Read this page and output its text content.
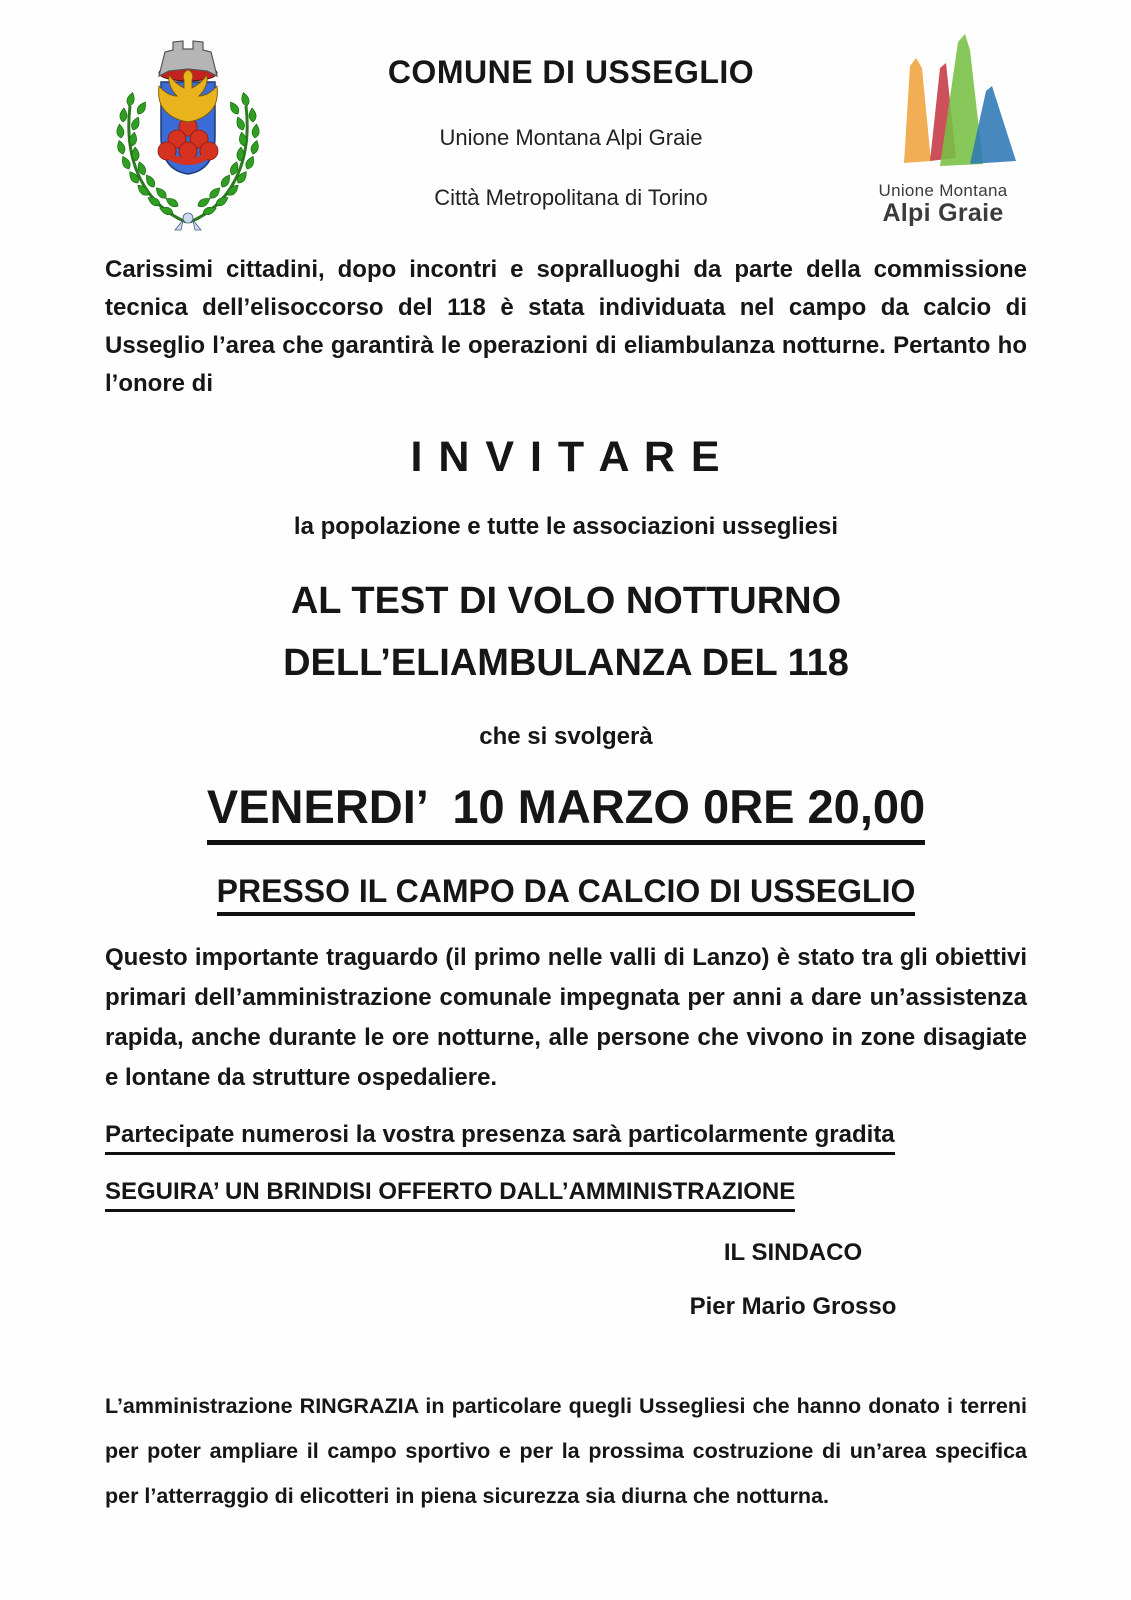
COMUNE DI USSEGLIO
Unione Montana Alpi Graie
Città Metropolitana di Torino	Unione Montana
Alpi Graie

Carissimi cittadini, dopo incontri e sopralluoghi da parte della commissione tecnica dell’elisoccorso del 118 è stata individuata nel campo da calcio di Usseglio l’area che garantirà le operazioni di eliambulanza notturne. Pertanto ho l’onore di

I N V I T A R E
la popolazione e tutte le associazioni ussegliesi
AL TEST DI VOLO NOTTURNO
DELL’ELIAMBULANZA DEL 118
che si svolgerà
VENERDI’  10 MARZO 0RE 20,00
PRESSO IL CAMPO DA CALCIO DI USSEGLIO

Questo importante traguardo (il primo nelle valli di Lanzo) è stato tra gli obiettivi primari dell’amministrazione comunale impegnata per anni a dare un’assistenza rapida, anche durante le ore notturne, alle persone che vivono in zone disagiate e lontane da strutture ospedaliere.

Partecipate numerosi la vostra presenza sarà particolarmente gradita
SEGUIRA’ UN BRINDISI OFFERTO DALL’AMMINISTRAZIONE
IL SINDACO
Pier Mario Grosso

L’amministrazione RINGRAZIA in particolare quegli Ussegliesi che hanno donato i terreni per poter ampliare il campo sportivo e per la prossima costruzione di un’area specifica per l’atterraggio di elicotteri in piena sicurezza sia diurna che notturna.
